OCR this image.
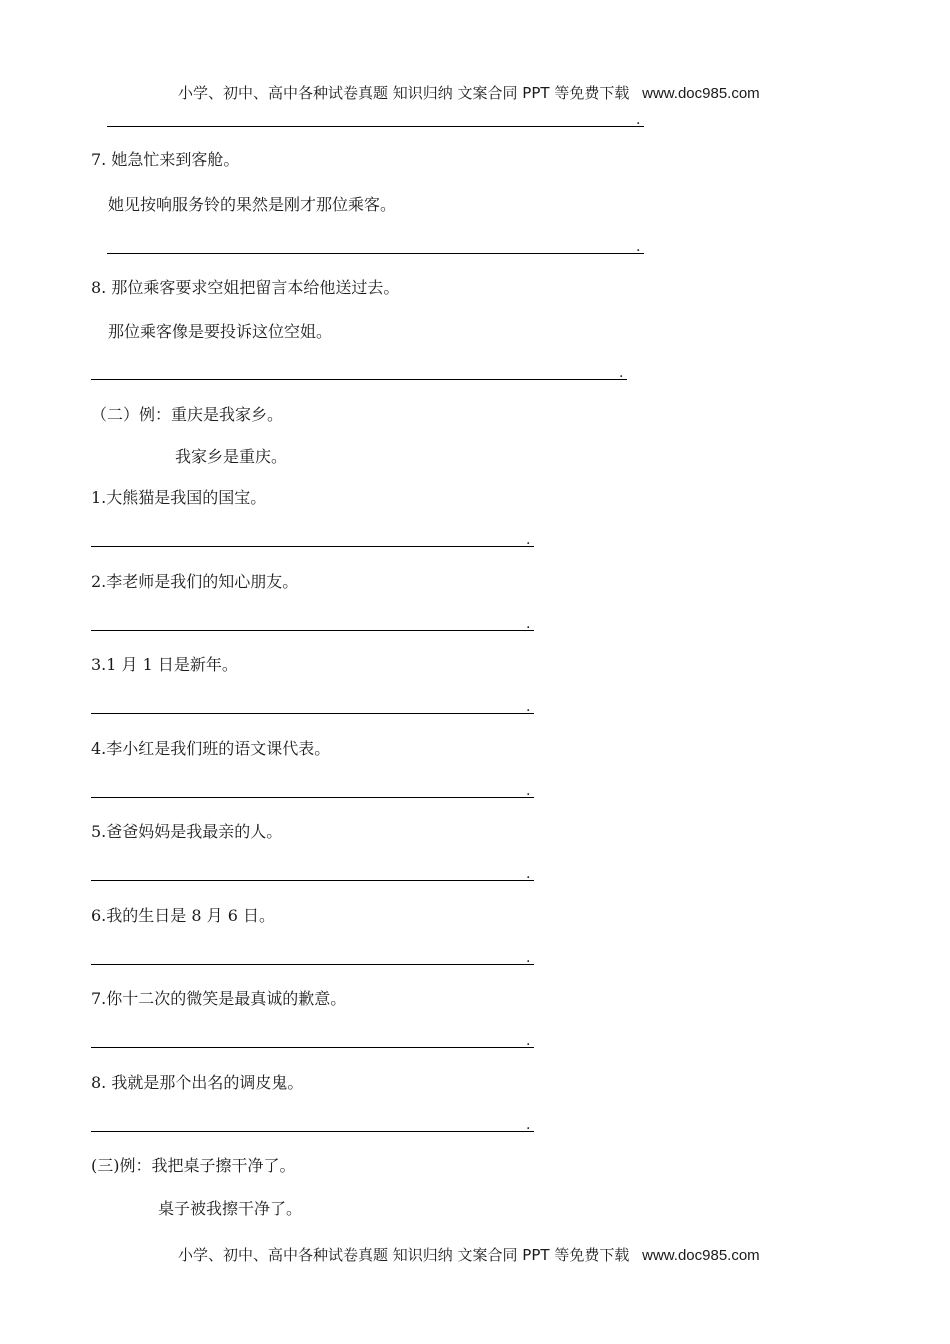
小学、初中、高中各种试卷真题 知识归纳 文案合同 PPT 等免费下载 www.doc985.com
.
7. 她急忙来到客舱。
她见按响服务铃的果然是刚才那位乘客。
.
8. 那位乘客要求空姐把留言本给他送过去。
那位乘客像是要投诉这位空姐。
.
（二）例：重庆是我家乡。
我家乡是重庆。
1.大熊猫是我国的国宝。
.
2.李老师是我们的知心朋友。
.
3.1 月 1 日是新年。
.
4.李小红是我们班的语文课代表。
.
5.爸爸妈妈是我最亲的人。
.
6.我的生日是 8 月 6 日。
.
7.你十二次的微笑是最真诚的歉意。
.
8. 我就是那个出名的调皮鬼。
.
(三)例：我把桌子擦干净了。
桌子被我擦干净了。
小学、初中、高中各种试卷真题 知识归纳 文案合同 PPT 等免费下载 www.doc985.com
